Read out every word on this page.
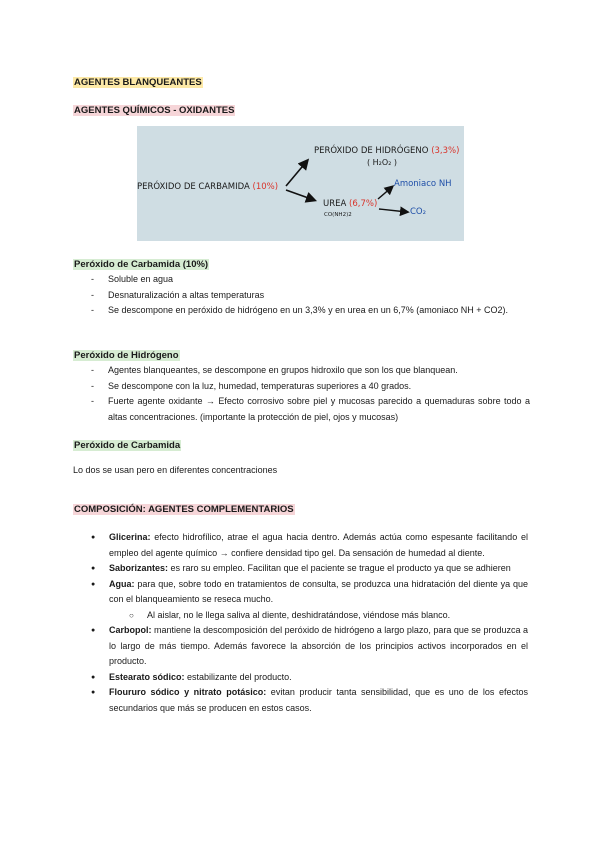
AGENTES BLANQUEANTES
AGENTES QUÍMICOS - OXIDANTES
PERÓXIDO DE HIDRÓGENO (3,3%)
( H₂O₂ )
PERÓXIDO DE CARBAMIDA (10%)
UREA (6,7%)
CO(NH2)2
Amoniaco NH
CO₂
Peróxido de Carbamida (10%)
- Soluble en agua
- Desnaturalización a altas temperaturas
- Se descompone en peróxido de hidrógeno en un 3,3% y en urea en un 6,7% (amoniaco NH + CO2).
Peróxido de Hidrógeno
- Agentes blanqueantes, se descompone en grupos hidroxilo que son los que blanquean.
- Se descompone con la luz, humedad, temperaturas superiores a 40 grados.
- Fuerte agente oxidante → Efecto corrosivo sobre piel y mucosas parecido a quemaduras sobre todo a altas concentraciones. (importante la protección de piel, ojos y mucosas)
Peróxido de Carbamida
Lo dos se usan pero en diferentes concentraciones
COMPOSICIÓN: AGENTES COMPLEMENTARIOS
● Glicerina: efecto hidrofílico, atrae el agua hacia dentro. Además actúa como espesante facilitando el empleo del agente químico → confiere densidad tipo gel. Da sensación de humedad al diente.
● Saborizantes: es raro su empleo. Facilitan que el paciente se trague el producto ya que se adhieren
● Agua: para que, sobre todo en tratamientos de consulta, se produzca una hidratación del diente ya que con el blanqueamiento se reseca mucho.
○ Al aislar, no le llega saliva al diente, deshidratándose, viéndose más blanco.
● Carbopol: mantiene la descomposición del peróxido de hidrógeno a largo plazo, para que se produzca a lo largo de más tiempo. Además favorece la absorción de los principios activos incorporados en el producto.
● Estearato sódico: estabilizante del producto.
● Floururo sódico y nitrato potásico: evitan producir tanta sensibilidad, que es uno de los efectos secundarios que más se producen en estos casos.
